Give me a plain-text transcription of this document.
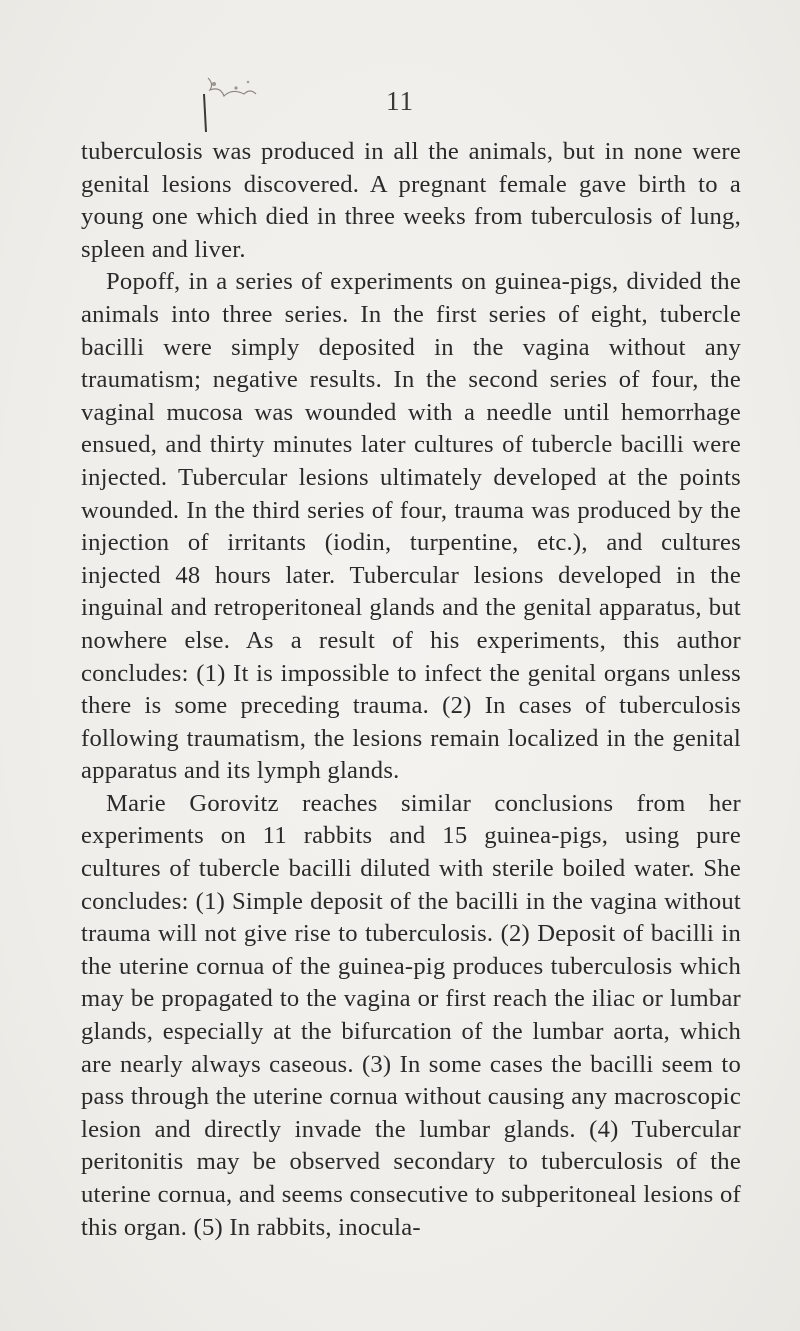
11

tuberculosis was produced in all the animals, but in none were genital lesions discovered. A pregnant female gave birth to a young one which died in three weeks from tuberculosis of lung, spleen and liver.

Popoff, in a series of experiments on guinea-pigs, divided the animals into three series. In the first series of eight, tubercle bacilli were simply deposited in the vagina without any traumatism; negative results. In the second series of four, the vaginal mucosa was wounded with a needle until hemorrhage ensued, and thirty minutes later cultures of tubercle bacilli were injected. Tubercular lesions ultimately developed at the points wounded. In the third series of four, trauma was produced by the injection of irritants (iodin, turpentine, etc.), and cultures injected 48 hours later. Tubercular lesions developed in the inguinal and retroperitoneal glands and the genital apparatus, but nowhere else. As a result of his experiments, this author concludes: (1) It is impossible to infect the genital organs unless there is some preceding trauma. (2) In cases of tuberculosis following traumatism, the lesions remain localized in the genital apparatus and its lymph glands.

Marie Gorovitz reaches similar conclusions from her experiments on 11 rabbits and 15 guinea-pigs, using pure cultures of tubercle bacilli diluted with sterile boiled water. She concludes: (1) Simple deposit of the bacilli in the vagina without trauma will not give rise to tuberculosis. (2) Deposit of bacilli in the uterine cornua of the guinea-pig produces tuberculosis which may be propagated to the vagina or first reach the iliac or lumbar glands, especially at the bifurcation of the lumbar aorta, which are nearly always caseous. (3) In some cases the bacilli seem to pass through the uterine cornua without causing any macroscopic lesion and directly invade the lumbar glands. (4) Tubercular peritonitis may be observed secondary to tuberculosis of the uterine cornua, and seems consecutive to subperitoneal lesions of this organ. (5) In rabbits, inocula-
